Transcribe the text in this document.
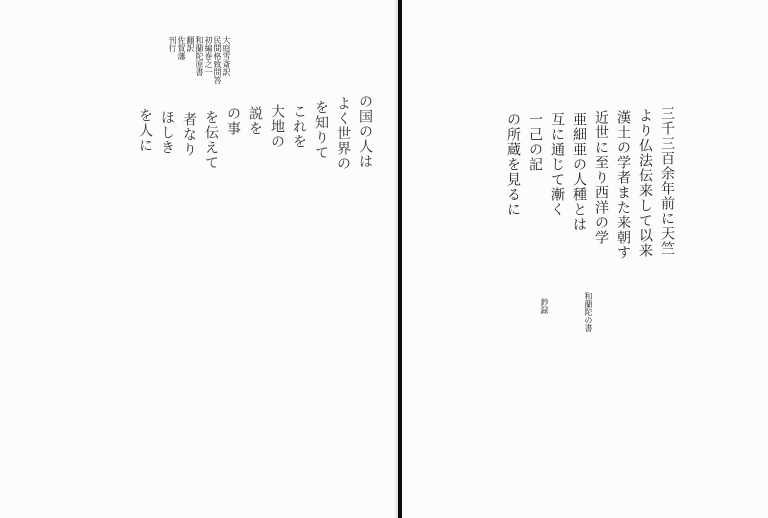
大庭雪斎訳
民間格致問答
初編巻之一
和蘭陀原書
翻訳
佐賀藩
刊行
の国の人は
よく世界の
を知りて
これを
大地の
説を
の事
を伝えて
者なり
ほしき
を人に	三千三百余年前に天竺
より仏法伝来して以来
漢土の学者また来朝す
近世に至り西洋の学
亜細亜の人種とは
互に通じて漸く
一己の記
の所蔵を見るに
和蘭陀の書
鈔録
